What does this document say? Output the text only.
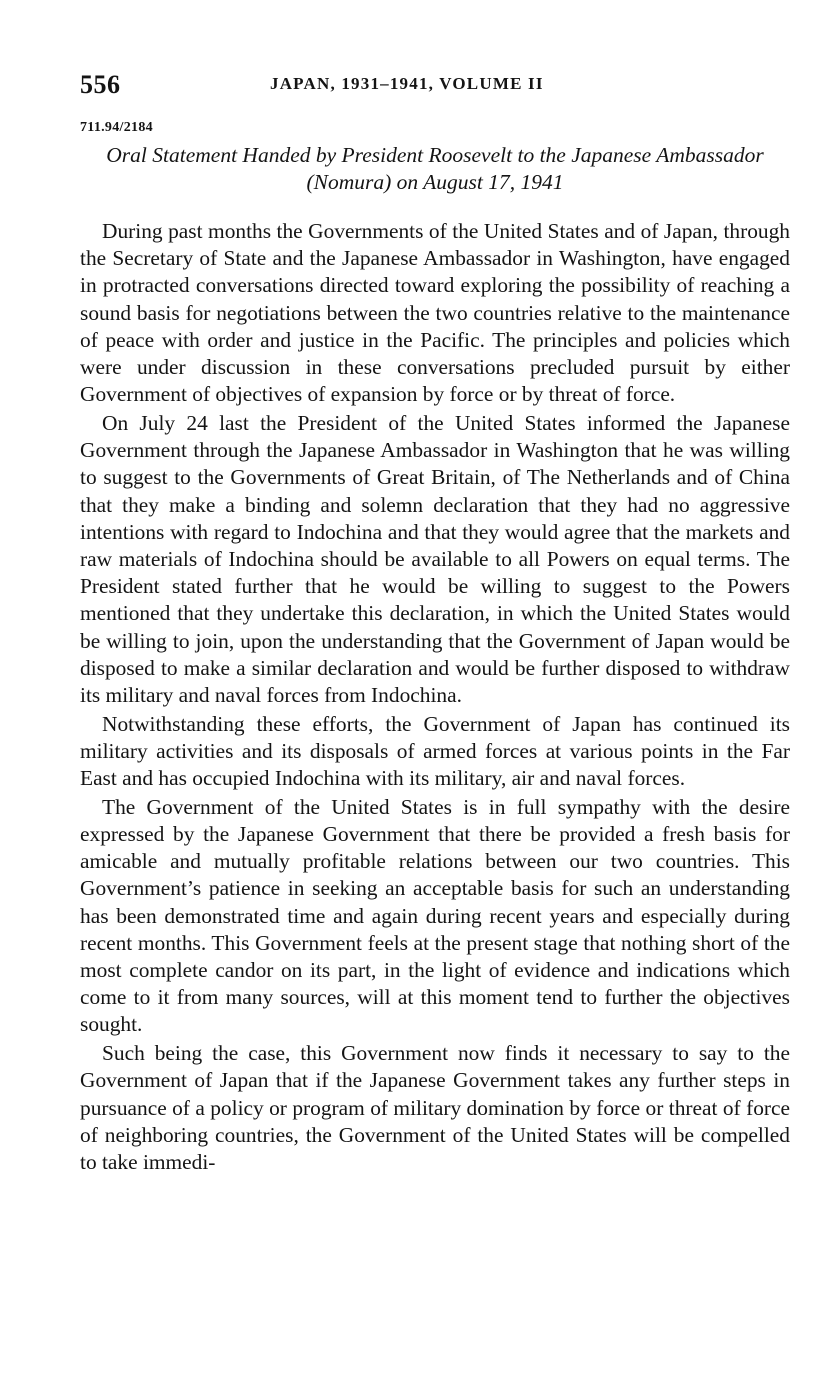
556	JAPAN, 1931–1941, VOLUME II
711.94/2184
Oral Statement Handed by President Roosevelt to the Japanese Ambassador (Nomura) on August 17, 1941

During past months the Governments of the United States and of Japan, through the Secretary of State and the Japanese Ambassador in Washington, have engaged in protracted conversations directed toward exploring the possibility of reaching a sound basis for negotiations between the two countries relative to the maintenance of peace with order and justice in the Pacific. The principles and policies which were under discussion in these conversations precluded pursuit by either Government of objectives of expansion by force or by threat of force.

On July 24 last the President of the United States informed the Japanese Government through the Japanese Ambassador in Washington that he was willing to suggest to the Governments of Great Britain, of The Netherlands and of China that they make a binding and solemn declaration that they had no aggressive intentions with regard to Indochina and that they would agree that the markets and raw materials of Indochina should be available to all Powers on equal terms. The President stated further that he would be willing to suggest to the Powers mentioned that they undertake this declaration, in which the United States would be willing to join, upon the understanding that the Government of Japan would be disposed to make a similar declaration and would be further disposed to withdraw its military and naval forces from Indochina.

Notwithstanding these efforts, the Government of Japan has continued its military activities and its disposals of armed forces at various points in the Far East and has occupied Indochina with its military, air and naval forces.

The Government of the United States is in full sympathy with the desire expressed by the Japanese Government that there be provided a fresh basis for amicable and mutually profitable relations between our two countries. This Government’s patience in seeking an acceptable basis for such an understanding has been demonstrated time and again during recent years and especially during recent months. This Government feels at the present stage that nothing short of the most complete candor on its part, in the light of evidence and indications which come to it from many sources, will at this moment tend to further the objectives sought.

Such being the case, this Government now finds it necessary to say to the Government of Japan that if the Japanese Government takes any further steps in pursuance of a policy or program of military domination by force or threat of force of neighboring countries, the Government of the United States will be compelled to take immedi-
